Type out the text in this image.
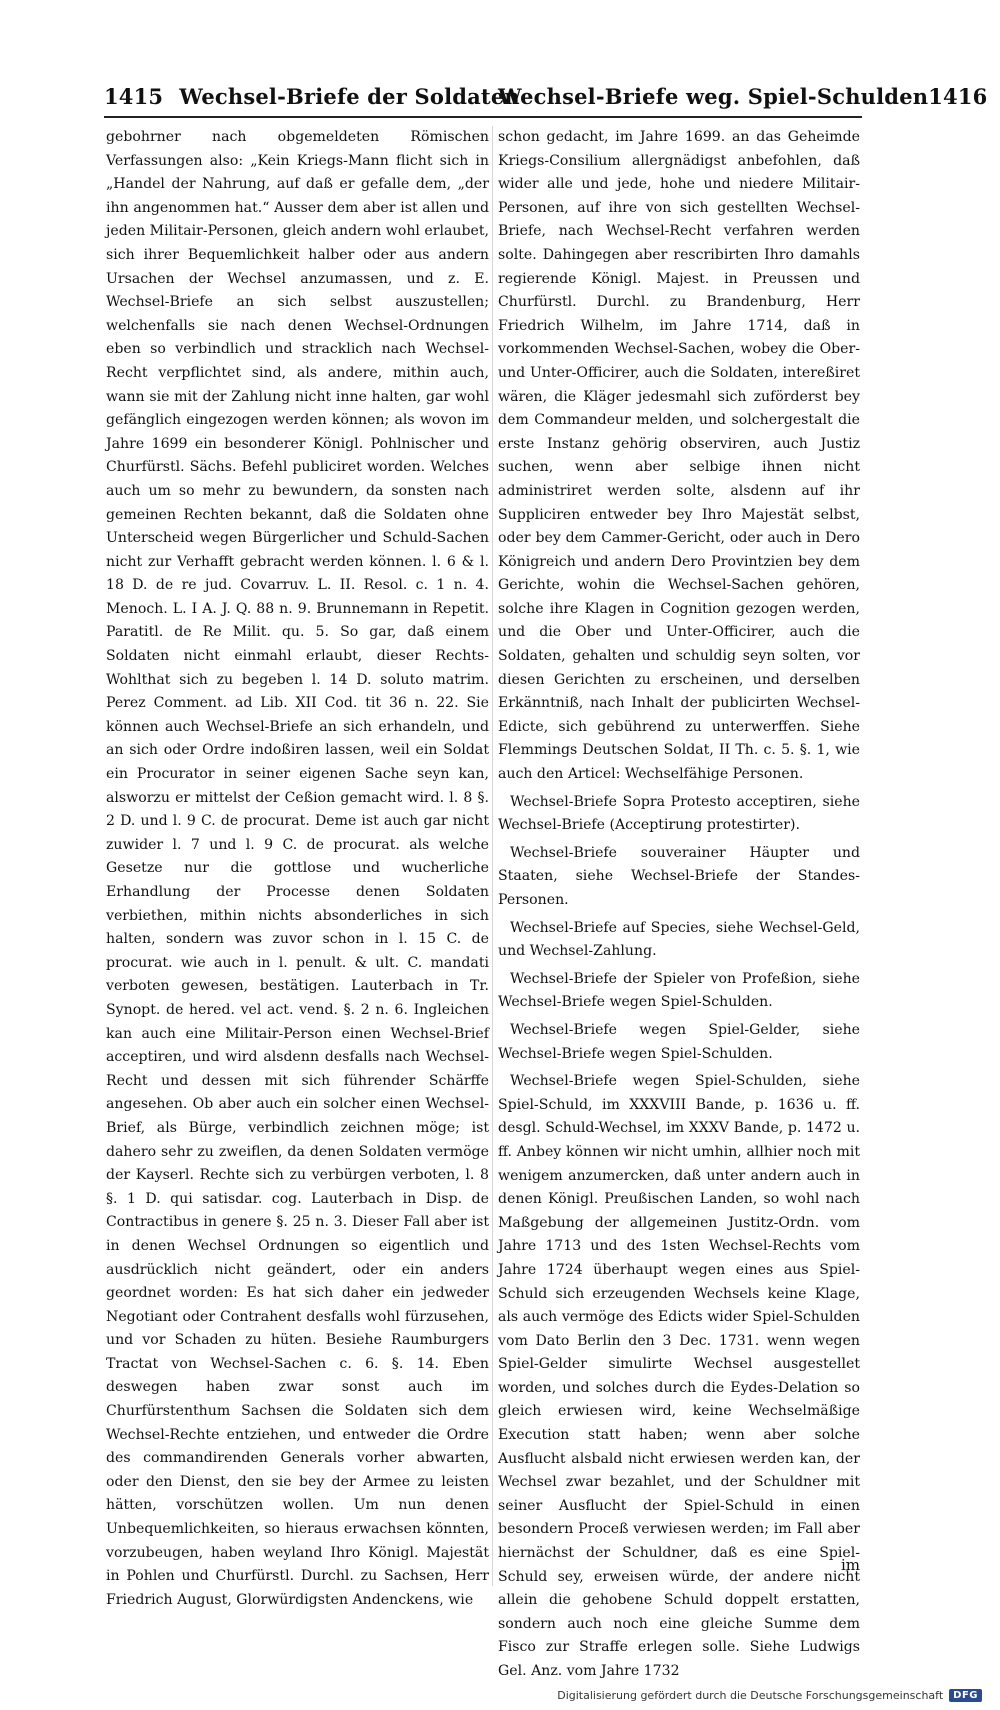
1415 Wechsel-Briefe der Soldaten
Wechsel-Briefe weg. Spiel-Schulden 1416

gebohrner nach obgemeldeten Römischen Verfassungen also: „Kein Kriegs-Mann flicht sich in „Handel der Nahrung, auf daß er gefalle dem, „der ihn angenommen hat.“ Ausser dem aber ist allen und jeden Militair-Personen, gleich andern wohl erlaubet, sich ihrer Bequemlichkeit halber oder aus andern Ursachen der Wechsel anzumassen, und z. E. Wechsel-Briefe an sich selbst auszustellen; welchenfalls sie nach denen Wechsel-Ordnungen eben so verbindlich und stracklich nach Wechsel-Recht verpflichtet sind, als andere, mithin auch, wann sie mit der Zahlung nicht inne halten, gar wohl gefänglich eingezogen werden können; als wovon im Jahre 1699 ein besonderer Königl. Pohlnischer und Churfürstl. Sächs. Befehl publiciret worden. Welches auch um so mehr zu bewundern, da sonsten nach gemeinen Rechten bekannt, daß die Soldaten ohne Unterscheid wegen Bürgerlicher und Schuld-Sachen nicht zur Verhafft gebracht werden können. l. 6 & l. 18 D. de re jud. Covarruv. L. II. Resol. c. 1 n. 4. Menoch. L. I A. J. Q. 88 n. 9. Brunnemann in Repetit. Paratitl. de Re Milit. qu. 5. So gar, daß einem Soldaten nicht einmahl erlaubt, dieser Rechts-Wohlthat sich zu begeben l. 14 D. soluto matrim. Perez Comment. ad Lib. XII Cod. tit 36 n. 22. Sie können auch Wechsel-Briefe an sich erhandeln, und an sich oder Ordre indoßiren lassen, weil ein Soldat ein Procurator in seiner eigenen Sache seyn kan, alsworzu er mittelst der Ceßion gemacht wird. l. 8 §. 2 D. und l. 9 C. de procurat. Deme ist auch gar nicht zuwider l. 7 und l. 9 C. de procurat. als welche Gesetze nur die gottlose und wucherliche Erhandlung der Processe denen Soldaten verbiethen, mithin nichts absonderliches in sich halten, sondern was zuvor schon in l. 15 C. de procurat. wie auch in l. penult. & ult. C. mandati verboten gewesen, bestätigen. Lauterbach in Tr. Synopt. de hered. vel act. vend. §. 2 n. 6. Ingleichen kan auch eine Militair-Person einen Wechsel-Brief acceptiren, und wird alsdenn desfalls nach Wechsel-Recht und dessen mit sich führender Schärffe angesehen. Ob aber auch ein solcher einen Wechsel-Brief, als Bürge, verbindlich zeichnen möge; ist dahero sehr zu zweiflen, da denen Soldaten vermöge der Kayserl. Rechte sich zu verbürgen verboten, l. 8 §. 1 D. qui satisdar. cog. Lauterbach in Disp. de Contractibus in genere §. 25 n. 3. Dieser Fall aber ist in denen Wechsel Ordnungen so eigentlich und ausdrücklich nicht geändert, oder ein anders geordnet worden: Es hat sich daher ein jedweder Negotiant oder Contrahent desfalls wohl fürzusehen, und vor Schaden zu hüten. Besiehe Raumburgers Tractat von Wechsel-Sachen c. 6. §. 14. Eben deswegen haben zwar sonst auch im Churfürstenthum Sachsen die Soldaten sich dem Wechsel-Rechte entziehen, und entweder die Ordre des commandirenden Generals vorher abwarten, oder den Dienst, den sie bey der Armee zu leisten hätten, vorschützen wollen. Um nun denen Unbequemlichkeiten, so hieraus erwachsen könnten, vorzubeugen, haben weyland Ihro Königl. Majestät in Pohlen und Churfürstl. Durchl. zu Sachsen, Herr Friedrich August, Glorwürdigsten Andenckens, wie

schon gedacht, im Jahre 1699. an das Geheimde Kriegs-Consilium allergnädigst anbefohlen, daß wider alle und jede, hohe und niedere Militair-Personen, auf ihre von sich gestellten Wechsel-Briefe, nach Wechsel-Recht verfahren werden solte. Dahingegen aber rescribirten Ihro damahls regierende Königl. Majest. in Preussen und Churfürstl. Durchl. zu Brandenburg, Herr Friedrich Wilhelm, im Jahre 1714, daß in vorkommenden Wechsel-Sachen, wobey die Ober- und Unter-Officirer, auch die Soldaten, intereßiret wären, die Kläger jedesmahl sich zuförderst bey dem Commandeur melden, und solchergestalt die erste Instanz gehörig observiren, auch Justiz suchen, wenn aber selbige ihnen nicht administriret werden solte, alsdenn auf ihr Suppliciren entweder bey Ihro Majestät selbst, oder bey dem Cammer-Gericht, oder auch in Dero Königreich und andern Dero Provintzien bey dem Gerichte, wohin die Wechsel-Sachen gehören, solche ihre Klagen in Cognition gezogen werden, und die Ober und Unter-Officirer, auch die Soldaten, gehalten und schuldig seyn solten, vor diesen Gerichten zu erscheinen, und derselben Erkänntniß, nach Inhalt der publicirten Wechsel-Edicte, sich gebührend zu unterwerffen. Siehe Flemmings Deutschen Soldat, II Th. c. 5. §. 1, wie auch den Articel: Wechselfähige Personen.

Wechsel-Briefe Sopra Protesto acceptiren, siehe Wechsel-Briefe (Acceptirung protestirter).

Wechsel-Briefe souverainer Häupter und Staaten, siehe Wechsel-Briefe der Standes-Personen.

Wechsel-Briefe auf Species, siehe Wechsel-Geld, und Wechsel-Zahlung.

Wechsel-Briefe der Spieler von Profeßion, siehe Wechsel-Briefe wegen Spiel-Schulden.

Wechsel-Briefe wegen Spiel-Gelder, siehe Wechsel-Briefe wegen Spiel-Schulden.

Wechsel-Briefe wegen Spiel-Schulden, siehe Spiel-Schuld, im XXXVIII Bande, p. 1636 u. ff. desgl. Schuld-Wechsel, im XXXV Bande, p. 1472 u. ff. Anbey können wir nicht umhin, allhier noch mit wenigem anzumercken, daß unter andern auch in denen Königl. Preußischen Landen, so wohl nach Maßgebung der allgemeinen Justitz-Ordn. vom Jahre 1713 und des 1sten Wechsel-Rechts vom Jahre 1724 überhaupt wegen eines aus Spiel-Schuld sich erzeugenden Wechsels keine Klage, als auch vermöge des Edicts wider Spiel-Schulden vom Dato Berlin den 3 Dec. 1731. wenn wegen Spiel-Gelder simulirte Wechsel ausgestellet worden, und solches durch die Eydes-Delation so gleich erwiesen wird, keine Wechselmäßige Execution statt haben; wenn aber solche Ausflucht alsbald nicht erwiesen werden kan, der Wechsel zwar bezahlet, und der Schuldner mit seiner Ausflucht der Spiel-Schuld in einen besondern Proceß verwiesen werden; im Fall aber hiernächst der Schuldner, daß es eine Spiel-Schuld sey, erweisen würde, der andere nicht allein die gehobene Schuld doppelt erstatten, sondern auch noch eine gleiche Summe dem Fisco zur Straffe erlegen solle. Siehe Ludwigs Gel. Anz. vom Jahre 1732

im
Digitalisierung gefördert durch die Deutsche Forschungsgemeinschaft	DFG
